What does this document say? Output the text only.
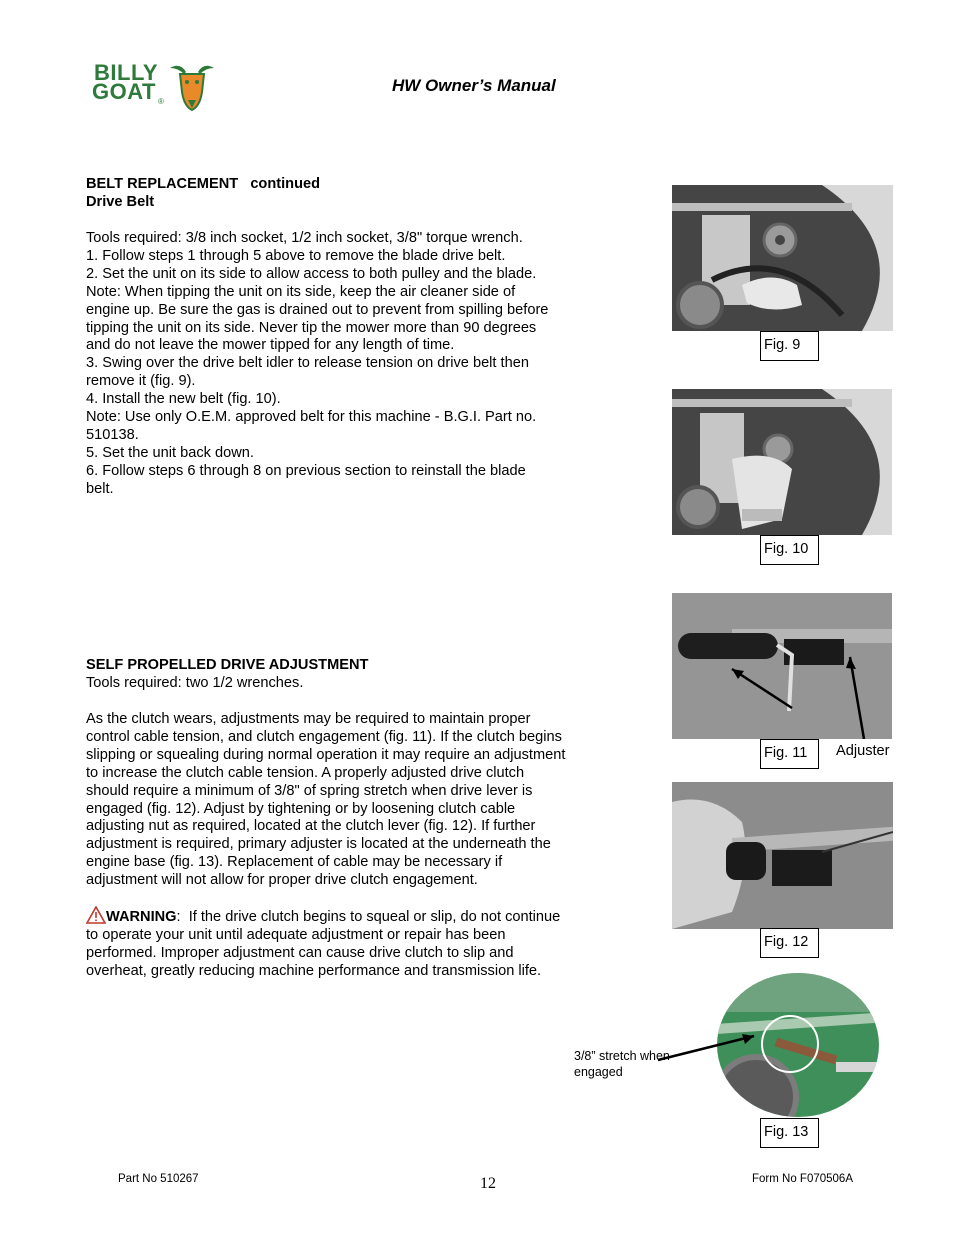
BILLY
GOAT ®
HW Owner’s Manual
BELT REPLACEMENT   continued
Drive Belt
Tools required: 3/8 inch socket, 1/2 inch socket, 3/8" torque wrench.
1. Follow steps 1 through 5 above to remove the blade drive belt.
2. Set the unit on its side to allow access to both pulley and the blade.
Note: When tipping the unit on its side, keep the air cleaner side of
engine up. Be sure the gas is drained out to prevent from spilling before
tipping the unit on its side. Never tip the mower more than 90 degrees
and do not leave the mower tipped for any length of time.
3. Swing over the drive belt idler to release tension on drive belt then
remove it (fig. 9).
4. Install the new belt (fig. 10).
Note: Use only O.E.M. approved belt for this machine - B.G.I. Part no.
510138.
5. Set the unit back down.
6. Follow steps 6 through 8 on previous section to reinstall the blade
belt.
SELF PROPELLED DRIVE ADJUSTMENT
Tools required: two 1/2 wrenches.
As the clutch wears, adjustments may be required to maintain proper
control cable tension, and clutch engagement (fig. 11). If the clutch begins
slipping or squealing during normal operation it may require an adjustment
to increase the clutch cable tension. A properly adjusted drive clutch
should require a minimum of 3/8" of spring stretch when drive lever is
engaged (fig. 12). Adjust by tightening or by loosening clutch cable
adjusting nut as required, located at the clutch lever (fig. 12). If further
adjustment is required, primary adjuster is located at the underneath the
engine base (fig. 13). Replacement of cable may be necessary if
adjustment will not allow for proper drive clutch engagement.
WARNING :  If the drive clutch begins to squeal or slip, do not continue
to operate your unit until adequate adjustment or repair has been
performed. Improper adjustment can cause drive clutch to slip and
overheat, greatly reducing machine performance and transmission life.
Fig. 9
Fig. 10
Fig. 11	Adjuster
Fig. 12
3/8” stretch when
engaged
Fig. 13
Part No 510267	12	Form No F070506A
